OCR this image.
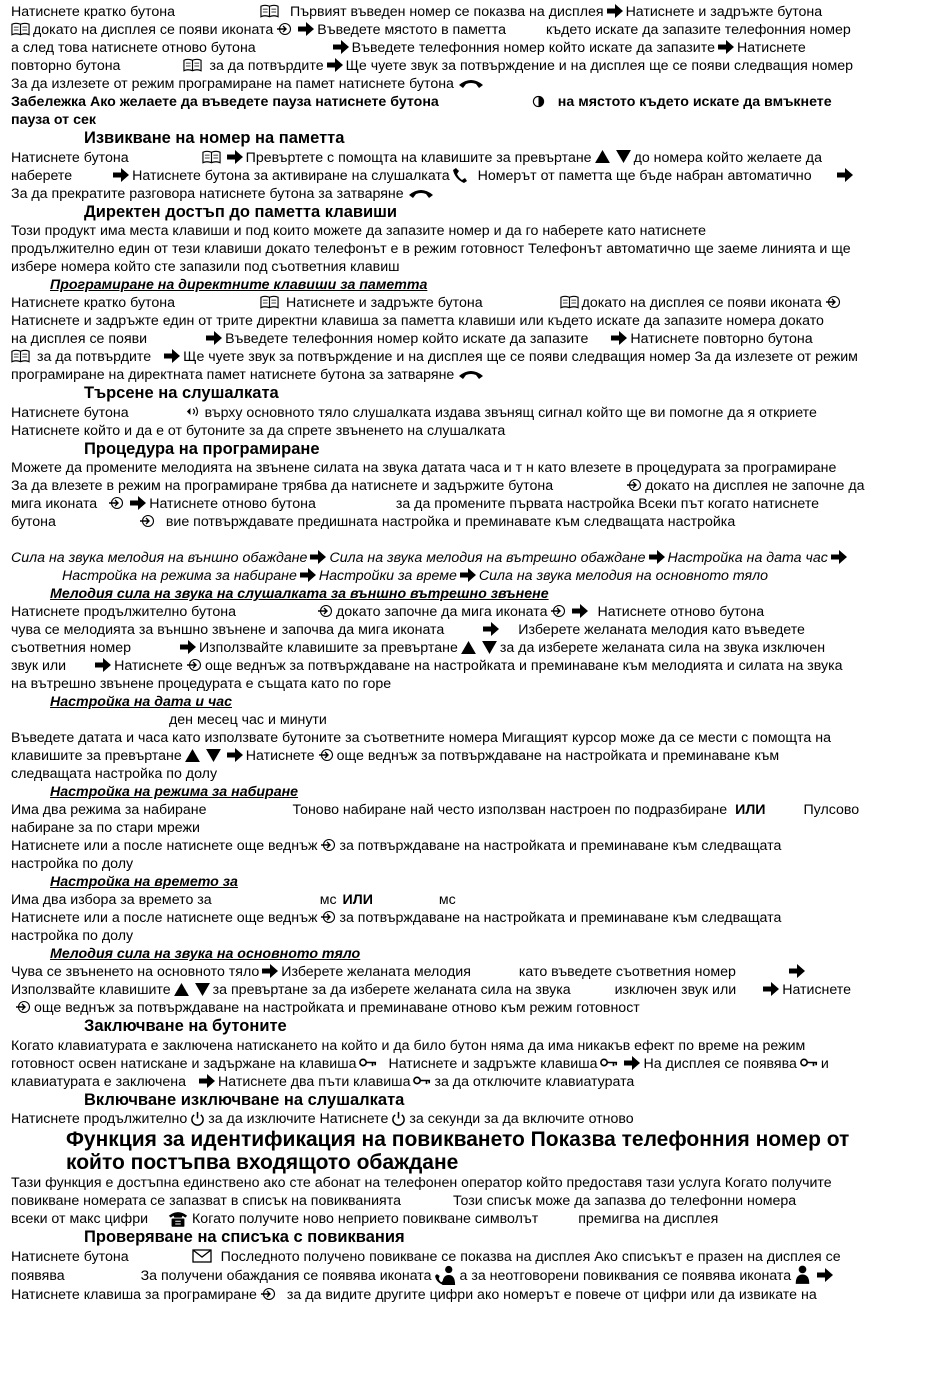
Натиснете кратко бутона	Първият въведен номер се показва на дисплея Натиснете и задръжте бутона
докато на дисплея се появи иконата	Въведете мястото в паметта	където искате да запазите телефонния номер
а след това натиснете отново бутона	Въведете телефонния номер който искате да запазите Натиснете
повторно бутона	за да потвърдите Ще чуете звук за потвърждение и на дисплея ще се появи следващия номер
За да излезете от режим програмиране на памет натиснете бутона
Забележка Ако желаете да въведете пауза натиснете бутона	на мястото където искате да вмъкнете
пауза от сек
Извикване на номер на паметта
Натиснете бутона	Превъртете с помощта на клавишите за превъртане	до номера който желаете да
наберете	Натиснете бутона за активиране на слушалката Номерът от паметта ще бъде набран автоматично
За да прекратите разговора натиснете бутона за затваряне
Директен достъп до паметта клавиши
Този продукт има места клавиши и под които можете да запазите номер и да го наберете като натиснете
продължително един от тези клавиши докато телефонът е в режим готовност Телефонът автоматично ще заеме линията и ще
избере номера който сте запазили под съответния клавиш
Програмиране на директните клавиши за паметта
Натиснете кратко бутона	Натиснете и задръжте бутона	докато на дисплея се появи иконата
Натиснете и задръжте един от трите директни клавиша за паметта клавиши или където искате да запазите номера докато
на дисплея се появи	Въведете телефонния номер който искате да запазите	Натиснете повторно бутона
за да потвърдите Ще чуете звук за потвърждение и на дисплея ще се появи следващия номер За да излезете от режим
програмиране на директната памет натиснете бутона за затваряне
Търсене на слушалката
Натиснете бутона	върху основното тяло слушалката издава звънящ сигнал който ще ви помогне да я откриете
Натиснете който и да е от бутоните за да спрете звъненето на слушалката
Процедура на програмиране
Можете да промените мелодията на звънене силата на звука датата часа и т н като влезете в процедурата за програмиране
За да влезете в режим на програмиране трябва да натиснете и задържите бутона	докато на дисплея не започне да
мига иконата	Натиснете отново бутона	за да промените първата настройка Всеки път когато натиснете
бутона	вие потвърждавате предишната настройка и преминавате към следващата настройка
Сила на звука мелодия на външно обаждане Сила на звука мелодия на вътрешно обаждане Настройка на дата час
Настройка на режима за набиране Настройки за време Сила на звука мелодия на основното тяло
Мелодия сила на звука на слушалката за външно вътрешно звънене
Натиснете продължително бутона	докато започне да мига иконата	Натиснете отново бутона
чува се мелодията за външно звънене и започва да мига иконата	Изберете желаната мелодия като въведете
съответния номер	Използвайте клавишите за превъртане	за да изберете желаната сила на звука изключен
звук или	Натиснете още веднъж за потвърждаване на настройката и преминаване към мелодията и силата на звука
на вътрешно звънене процедурата е същата като по горе
Настройка на дата и час
ден месец час и минути
Въведете датата и часа като използвате бутоните за съответните номера Мигащият курсор може да се мести с помощта на
клавишите за превъртане	Натиснете още веднъж за потвърждаване на настройката и преминаване към
следващата настройка по долу
Настройка на режима за набиране
Има два режима за набиране	Тоново набиране най често използван настроен по подразбиране ИЛИ	Пулсово
набиране за по стари мрежи
Натиснете или а после натиснете още веднъж за потвърждаване на настройката и преминаване към следващата
настройка по долу
Настройка на времето за
Има два избора за времето за	мс ИЛИ	мс
Натиснете или а после натиснете още веднъж за потвърждаване на настройката и преминаване към следващата
настройка по долу
Мелодия сила на звука на основното тяло
Чува се звъненето на основното тяло Изберете желаната мелодия	като въведете съответния номер
Използвайте клавишите	за превъртане за да изберете желаната сила на звука	изключен звук или	Натиснете
още веднъж за потвърждаване на настройката и преминаване отново към режим готовност
Заключване на бутоните
Когато клавиатурата е заключена натискането на който и да било бутон няма да има никакъв ефект по време на режим
готовност освен натискане и задържане на клавиша Натиснете и задръжте клавиша	На дисплея се появява и
клавиатурата е заключена Натиснете два пъти клавиша за да отключите клавиатурата
Включване изключване на слушалката
Натиснете продължително за да изключите Натиснете за секунди за да включите отново
Функция за идентификация на повикването Показва телефонния номер от
който постъпва входящото обаждане
Тази функция е достъпна единствено ако сте абонат на телефонен оператор който предоставя тази услуга Когато получите
повикване номерата се запазват в списък на повикванията	Този списък може да запазва до телефонни номера
всеки от макс цифри	Когато получите ново неприето повикване символът	премигва на дисплея
Проверяване на списъка с повиквания
Натиснете бутона	Последното получено повикване се показва на дисплея Ако списъкът е празен на дисплея се
появява	За получени обаждания се появява иконата а за неотговорени повиквания се появява иконата
Натиснете клавиша за програмиране за да видите другите цифри ако номерът е повече от цифри или да извикате на
